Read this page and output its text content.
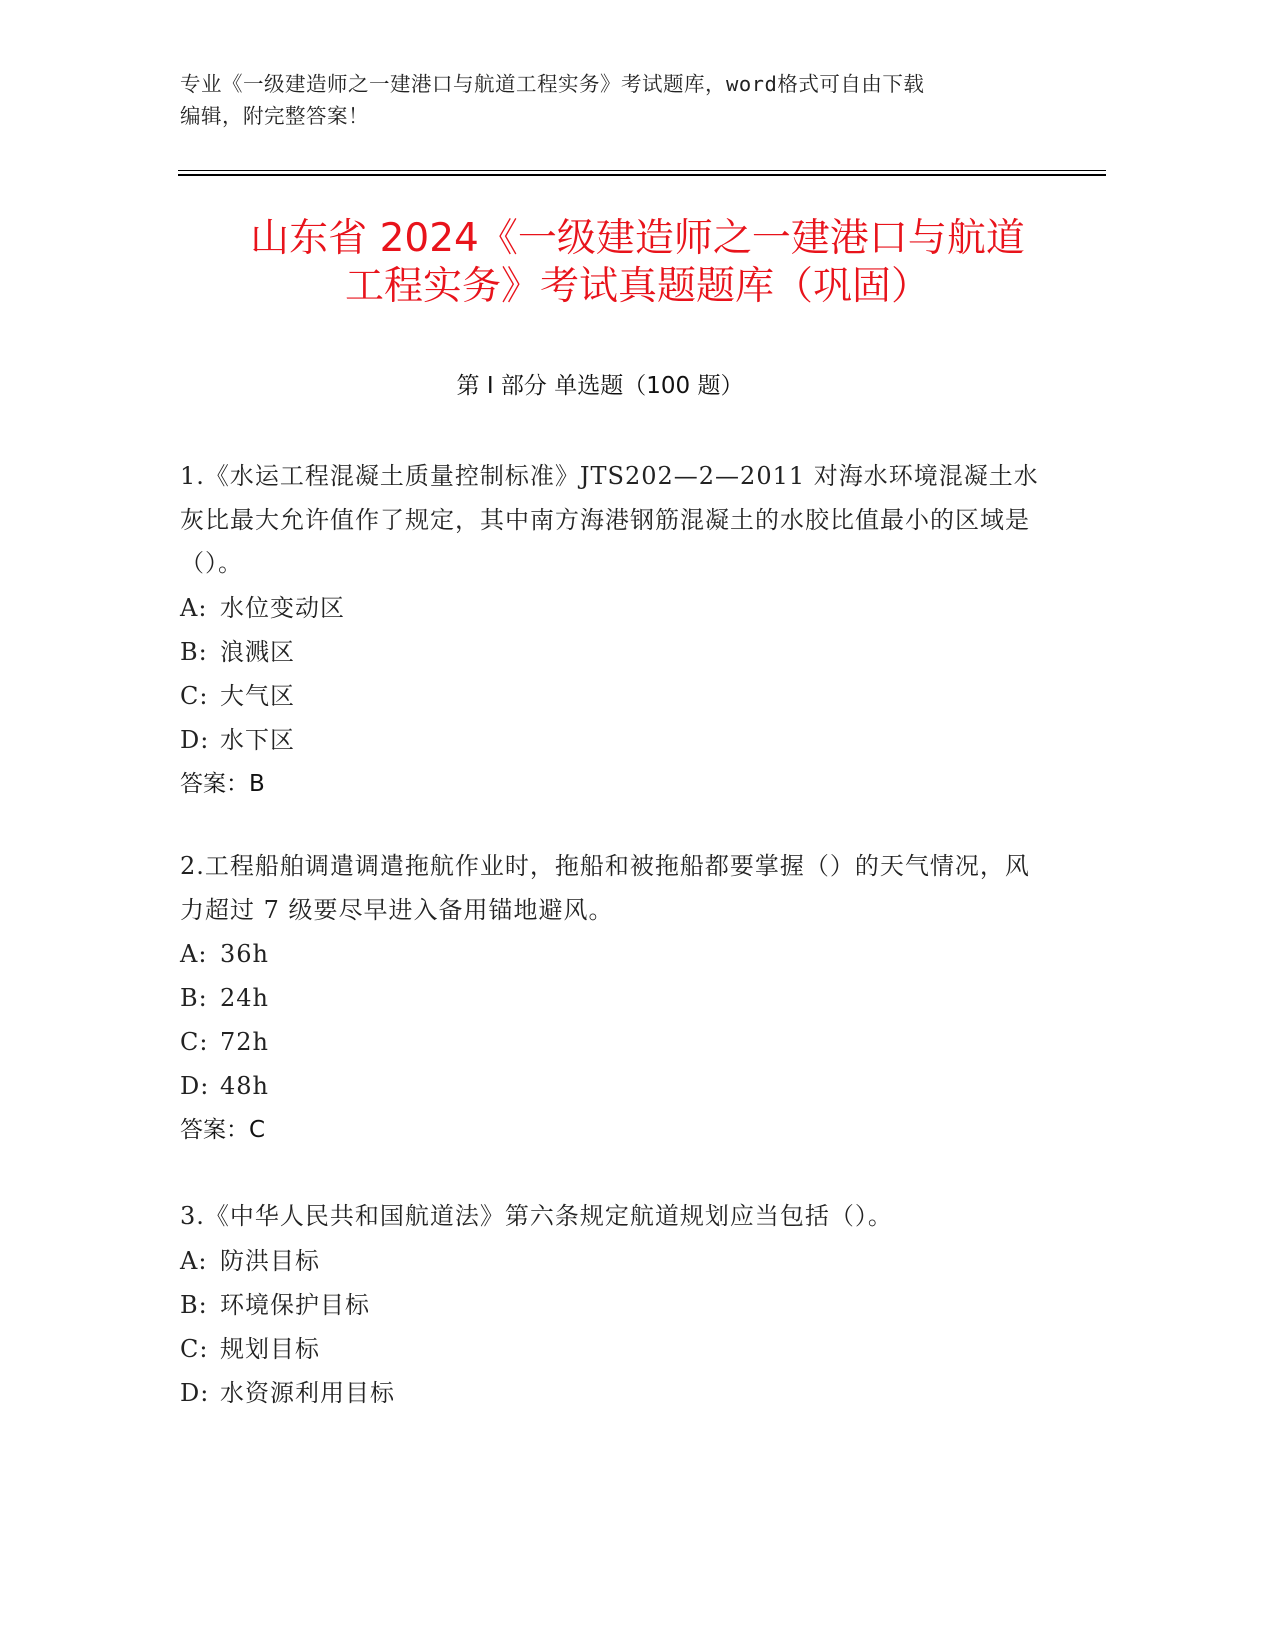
专业《一级建造师之一建港口与航道工程实务》考试题库，word格式可自由下载
编辑，附完整答案！
山东省 2024《一级建造师之一建港口与航道
工程实务》考试真题题库（巩固）
第 I 部分 单选题（100 题）
1.《水运工程混凝土质量控制标准》JTS202—2—2011 对海水环境混凝土水灰比最大允许值作了规定，其中南方海港钢筋混凝土的水胶比值最小的区域是（）。
A: 水位变动区
B: 浪溅区
C: 大气区
D: 水下区
答案：B
2.工程船舶调遣调遣拖航作业时，拖船和被拖船都要掌握（）的天气情况，风力超过 7 级要尽早进入备用锚地避风。
A: 36h
B: 24h
C: 72h
D: 48h
答案：C
3.《中华人民共和国航道法》第六条规定航道规划应当包括（）。
A: 防洪目标
B: 环境保护目标
C: 规划目标
D: 水资源利用目标
